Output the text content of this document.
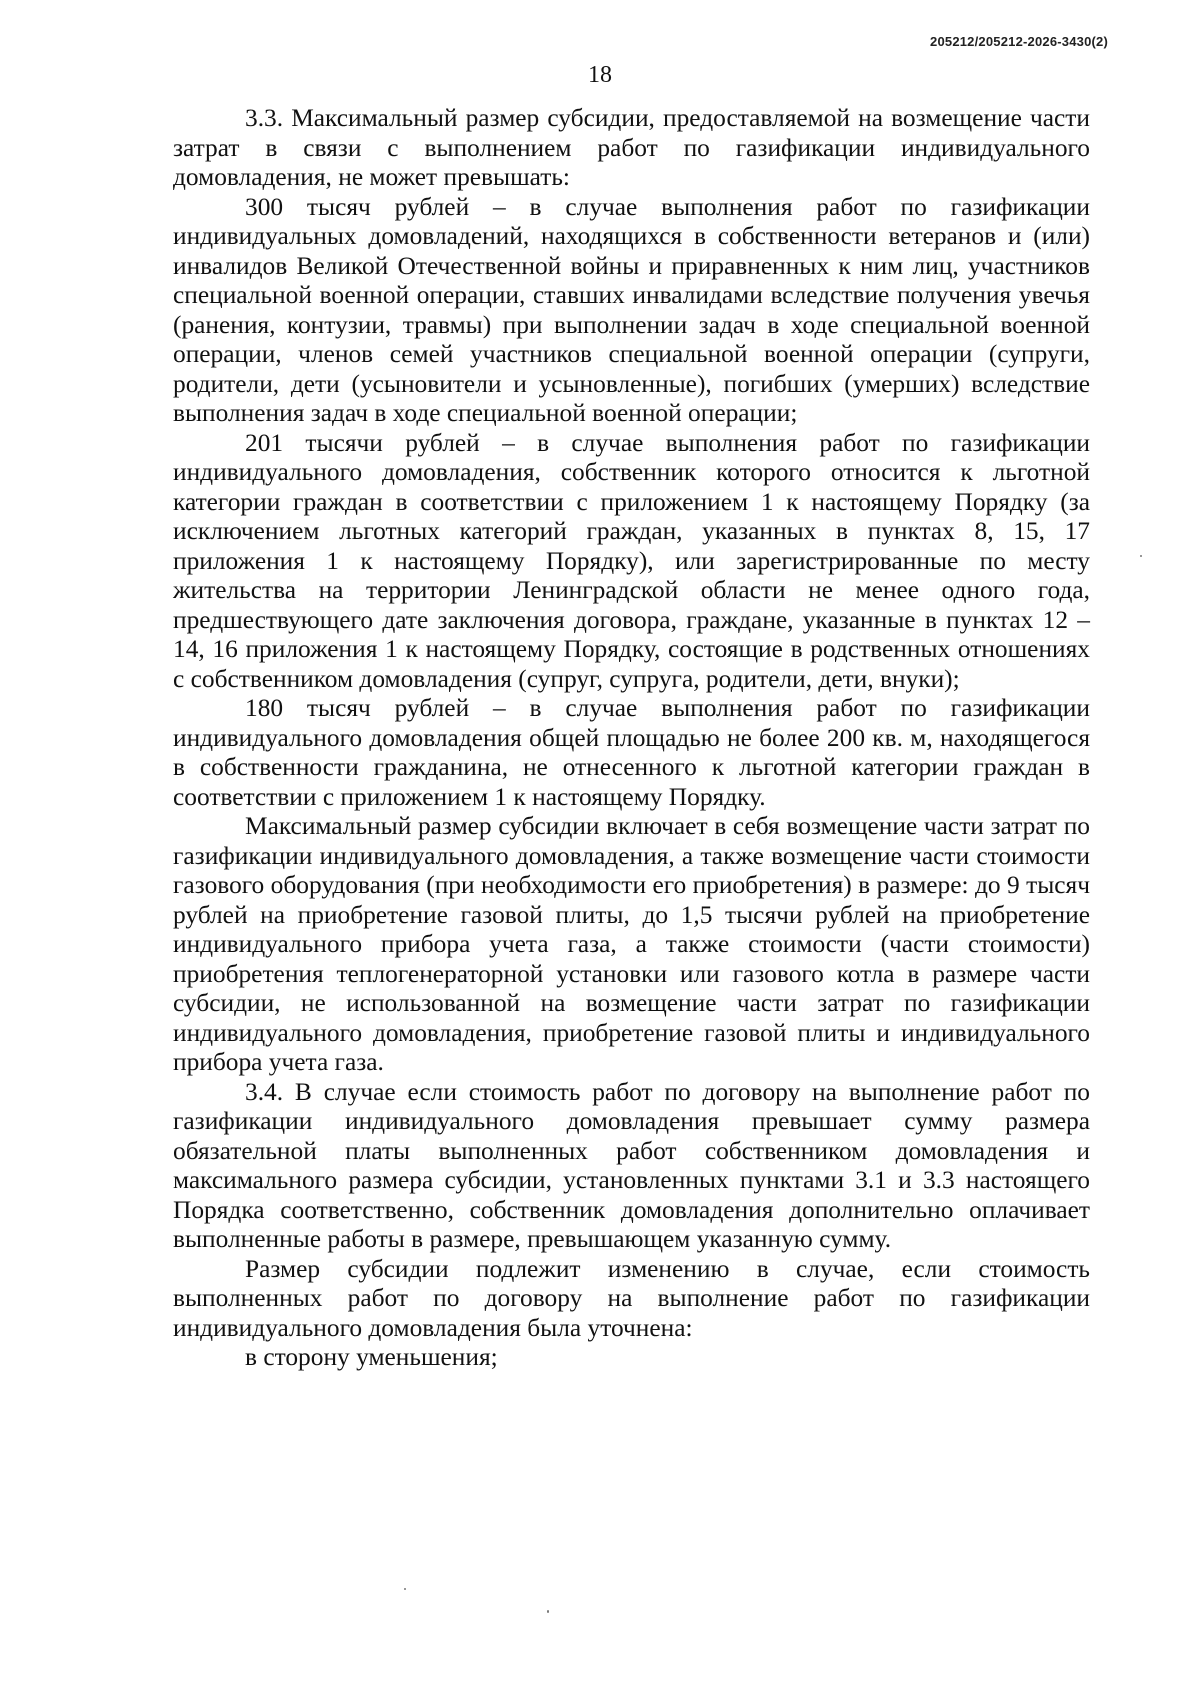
205212/205212-2026-3430(2)
18

3.3. Максимальный размер субсидии, предоставляемой на возмещение части затрат в связи с выполнением работ по газификации индивидуального домовладения, не может превышать:

300 тысяч рублей – в случае выполнения работ по газификации индивидуальных домовладений, находящихся в собственности ветеранов и (или) инвалидов Великой Отечественной войны и приравненных к ним лиц, участников специальной военной операции, ставших инвалидами вследствие получения увечья (ранения, контузии, травмы) при выполнении задач в ходе специальной военной операции, членов семей участников специальной военной операции (супруги, родители, дети (усыновители и усыновленные), погибших (умерших) вследствие выполнения задач в ходе специальной военной операции;

201 тысячи рублей – в случае выполнения работ по газификации индивидуального домовладения, собственник которого относится к льготной категории граждан в соответствии с приложением 1 к настоящему Порядку (за исключением льготных категорий граждан, указанных в пунктах 8, 15, 17 приложения 1 к настоящему Порядку), или зарегистрированные по месту жительства на территории Ленинградской области не менее одного года, предшествующего дате заключения договора, граждане, указанные в пунктах 12 – 14, 16 приложения 1 к настоящему Порядку, состоящие в родственных отношениях с собственником домовладения (супруг, супруга, родители, дети, внуки);

180 тысяч рублей – в случае выполнения работ по газификации индивидуального домовладения общей площадью не более 200 кв. м, находящегося в собственности гражданина, не отнесенного к льготной категории граждан в соответствии с приложением 1 к настоящему Порядку.

Максимальный размер субсидии включает в себя возмещение части затрат по газификации индивидуального домовладения, а также возмещение части стоимости газового оборудования (при необходимости его приобретения) в размере: до 9 тысяч рублей на приобретение газовой плиты, до 1,5 тысячи рублей на приобретение индивидуального прибора учета газа, а также стоимости (части стоимости) приобретения теплогенераторной установки или газового котла в размере части субсидии, не использованной на возмещение части затрат по газификации индивидуального домовладения, приобретение газовой плиты и индивидуального прибора учета газа.

3.4. В случае если стоимость работ по договору на выполнение работ по газификации индивидуального домовладения превышает сумму размера обязательной платы выполненных работ собственником домовладения и максимального размера субсидии, установленных пунктами 3.1 и 3.3 настоящего Порядка соответственно, собственник домовладения дополнительно оплачивает выполненные работы в размере, превышающем указанную сумму.

Размер субсидии подлежит изменению в случае, если стоимость выполненных работ по договору на выполнение работ по газификации индивидуального домовладения была уточнена:

в сторону уменьшения;
